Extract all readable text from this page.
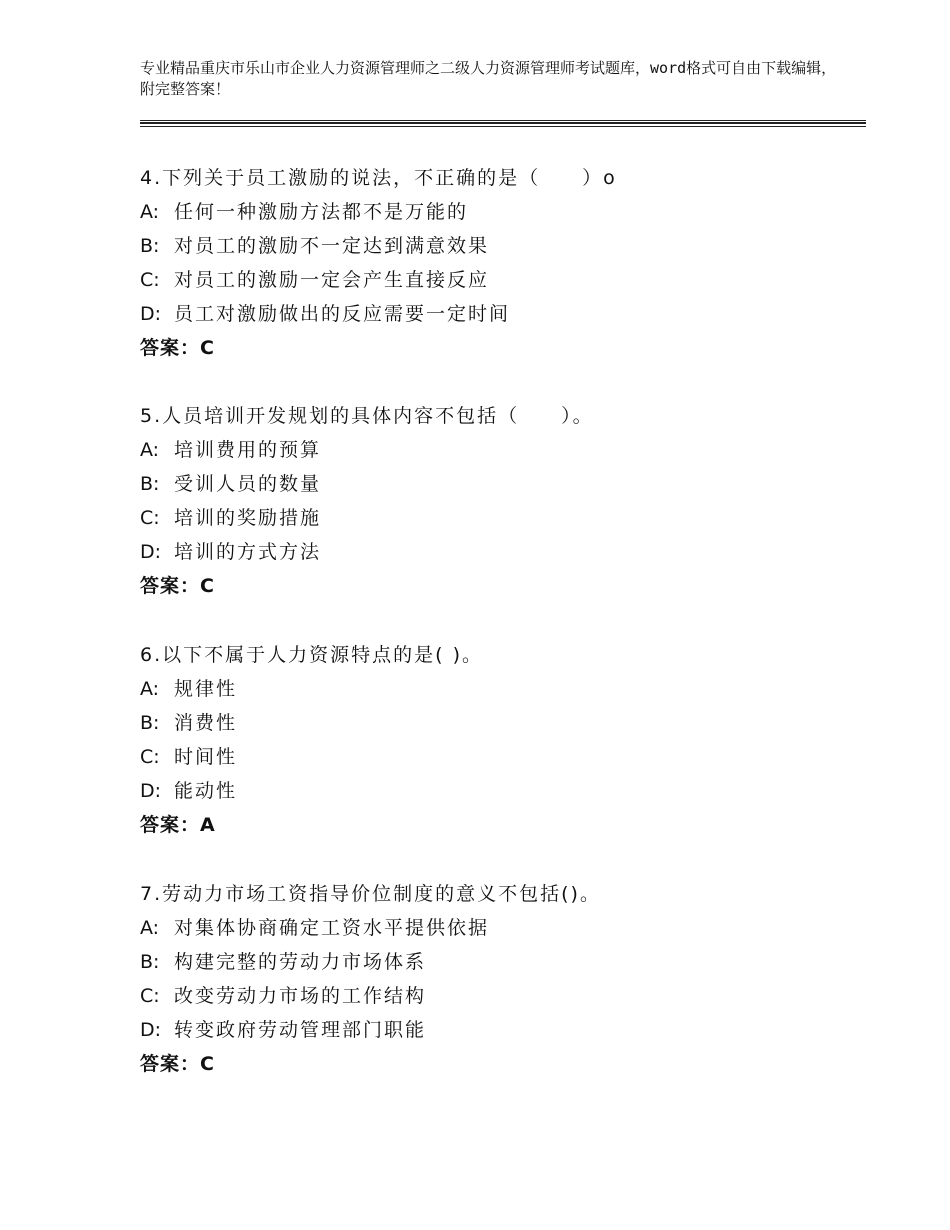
专业精品重庆市乐山市企业人力资源管理师之二级人力资源管理师考试题库，word格式可自由下载编辑，附完整答案！
4.下列关于员工激励的说法，不正确的是（　　）o
A: 任何一种激励方法都不是万能的
B: 对员工的激励不一定达到满意效果
C: 对员工的激励一定会产生直接反应
D: 员工对激励做出的反应需要一定时间
答案：C
5.人员培训开发规划的具体内容不包括（　　）。
A: 培训费用的预算
B: 受训人员的数量
C: 培训的奖励措施
D: 培训的方式方法
答案：C
6.以下不属于人力资源特点的是( )。
A: 规律性
B: 消费性
C: 时间性
D: 能动性
答案：A
7.劳动力市场工资指导价位制度的意义不包括()。
A: 对集体协商确定工资水平提供依据
B: 构建完整的劳动力市场体系
C: 改变劳动力市场的工作结构
D: 转变政府劳动管理部门职能
答案：C
